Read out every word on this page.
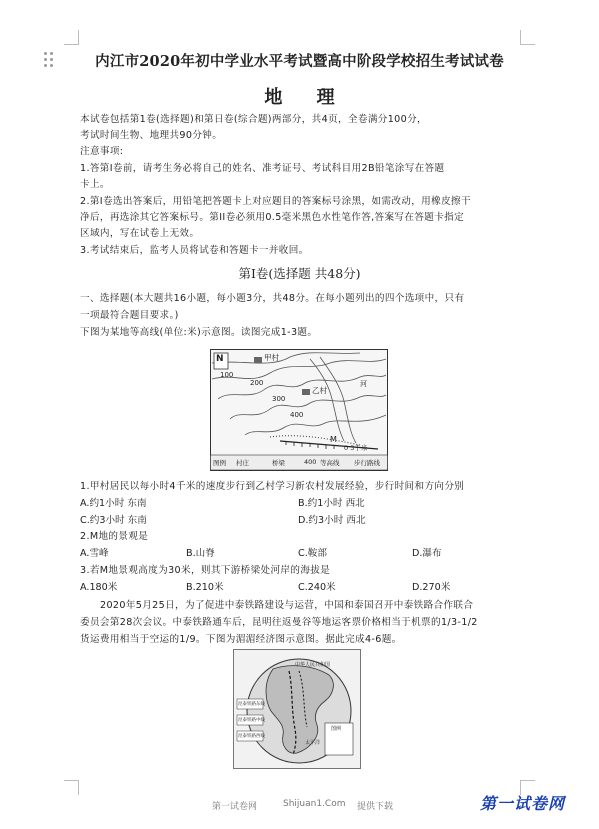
内江市2020年初中学业水平考试暨高中阶段学校招生考试试卷
地 理
本试卷包括第1卷(选择题)和第日卷(综合题)两部分，共4页，全卷满分100分，
考试时间生物、地理共90分钟。
注意事项:
1.答第I卷前，请考生务必将自己的姓名、准考证号、考试科目用2B铅笔涂写在答题
卡上。
2.第I卷选出答案后，用铅笔把答题卡上对应题目的答案标号涂黑，如需改动，用橡皮擦干
净后，再选涂其它答案标号。第II卷必须用0.5毫米黑色水性笔作答,答案写在答题卡指定
区域内，写在试卷上无效。
3.考试结束后，监考人员将试卷和答题卡一并收回。
第I卷(选择题 共48分)
一、选择题(本大题共16小题，每小题3分，共48分。在每小题列出的四个选项中，只有
一项最符合题目要求。)
下图为某地等高线(单位:米)示意图。读图完成1-3题。
N	甲村
乙村
100
200
300
400
河
M
0 3千米
图例 村庄	桥梁	400 等高线 步行路线
1.甲村居民以每小时4千米的速度步行到乙村学习新农村发展经验，步行时间和方向分别
A.约1小时 东南	B.约1小时 西北
C.约3小时 东南	D.约3小时 西北
2.M地的景观是
A.雪峰	B.山脊	C.鞍部	D.瀑布
3.若M地景观高度为30米，则其下游桥梁处河岸的海拔是
A.180米	B.210米	C.240米	D.270米
2020年5月25日，为了促进中泰铁路建设与运营，中国和泰国召开中泰铁路合作联合
委员会第28次会议。中泰铁路通车后，昆明往返曼谷等地运客票价格相当于机票的1/3-1/2
货运费用相当于空运的1/9。下图为湄湄经济图示意图。据此完成4-6题。
中华人民共和国
昆泰铁路东线
昆泰铁路中线
昆泰铁路西线
太平洋
图例
第一试卷网	Shijuan1.Com 提供下载	第一试卷网
